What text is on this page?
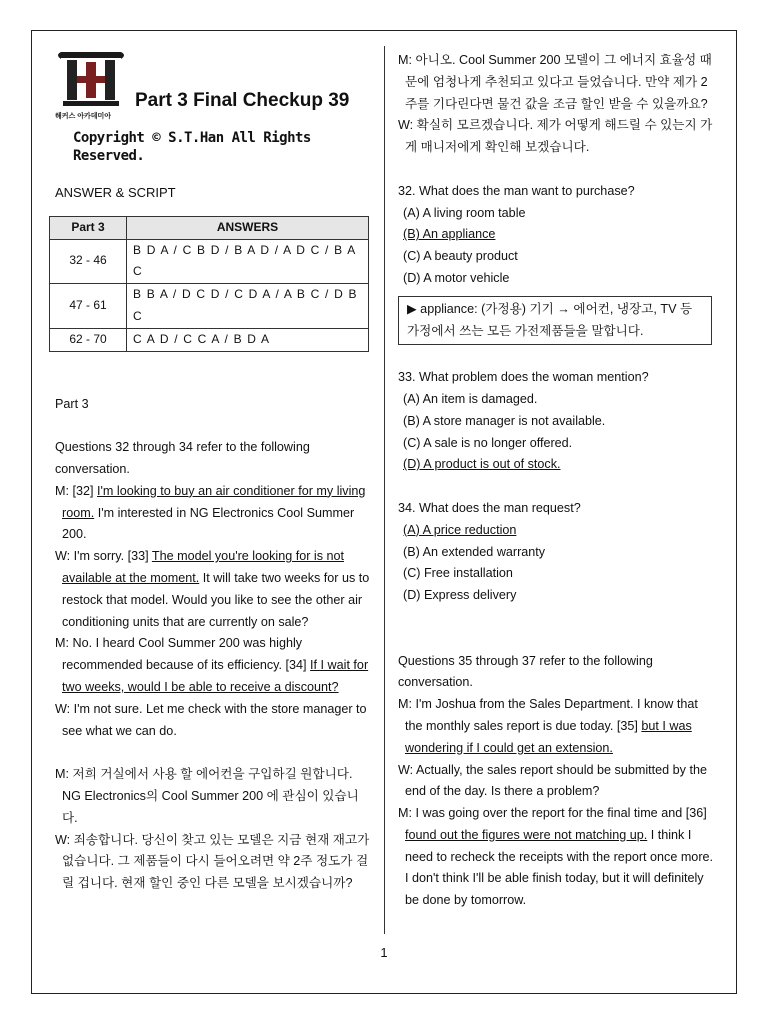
해커스 아카데미아
Part 3 Final Checkup 39
Copyright © S.T.Han All Rights Reserved.
ANSWER & SCRIPT
Part 3	ANSWERS
32 - 46	B D A / C B D / B A D / A D C / B A C
47 - 61	B B A / D C D / C D A / A B C / D B C
62 - 70	C A D / C C A / B D A
Part 3
Questions 32 through 34 refer to the following conversation.
M: [32] I'm looking to buy an air conditioner for my living room. I'm interested in NG Electronics Cool Summer 200.
W: I'm sorry. [33] The model you're looking for is not available at the moment. It will take two weeks for us to restock that model. Would you like to see the other air conditioning units that are currently on sale?
M: No. I heard Cool Summer 200 was highly recommended because of its efficiency. [34] If I wait for two weeks, would I be able to receive a discount?
W: I'm not sure. Let me check with the store manager to see what we can do.
M: 저희 거실에서 사용 할 에어컨을 구입하길 원합니다. NG Electronics의 Cool Summer 200 에 관심이 있습니다.
W: 죄송합니다. 당신이 찾고 있는 모델은 지금 현재 재고가 없습니다. 그 제품들이 다시 들어오려면 약 2주 정도가 걸릴 겁니다. 현재 할인 중인 다른 모델을 보시겠습니까?
M: 아니오. Cool Summer 200 모델이 그 에너지 효율성 때문에 엄청나게 추천되고 있다고 들었습니다. 만약 제가 2주를 기다린다면 물건 값을 조금 할인 받을 수 있을까요?
W: 확실히 모르겠습니다. 제가 어떻게 해드릴 수 있는지 가게 매니저에게 확인해 보겠습니다.
32. What does the man want to purchase?
(A) A living room table
(B) An appliance
(C) A beauty product
(D) A motor vehicle
▶ appliance: (가정용) 기기 → 에어컨, 냉장고, TV 등 가정에서 쓰는 모든 가전제품들을 말합니다.
33. What problem does the woman mention?
(A) An item is damaged.
(B) A store manager is not available.
(C) A sale is no longer offered.
(D) A product is out of stock.
34. What does the man request?
(A) A price reduction
(B) An extended warranty
(C) Free installation
(D) Express delivery
Questions 35 through 37 refer to the following conversation.
M: I'm Joshua from the Sales Department. I know that the monthly sales report is due today. [35] but I was wondering if I could get an extension.
W: Actually, the sales report should be submitted by the end of the day. Is there a problem?
M: I was going over the report for the final time and [36] found out the figures were not matching up. I think I need to recheck the receipts with the report once more. I don't think I'll be able finish today, but it will definitely be done by tomorrow.
1
